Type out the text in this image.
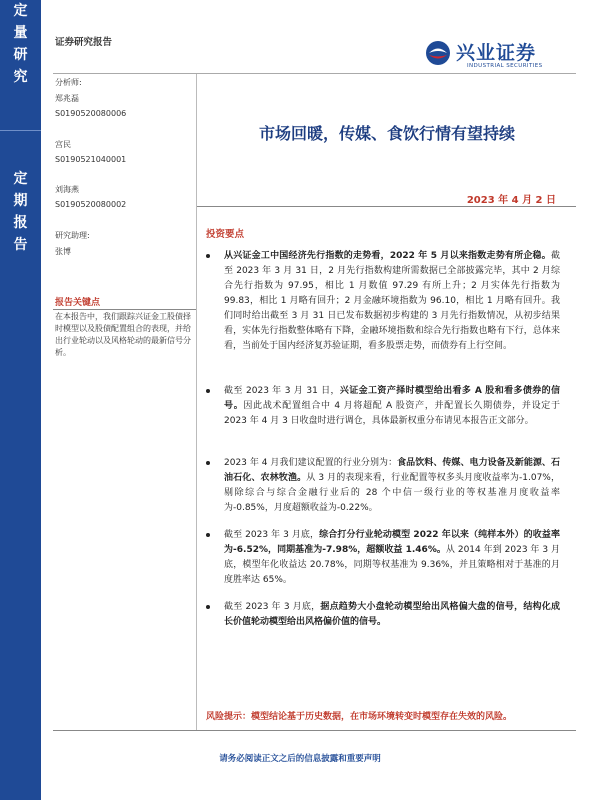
定
量
研
究
定
期
报
告
证券研究报告	兴业证券
INDUSTRIAL SECURITIES
分析师:
郑兆磊
S0190520080006
宫民
S0190521040001
刘海燕
S0190520080002
研究助理:
张博
报告关键点
在本报告中，我们跟踪兴证金工股债择时模型以及股债配置组合的表现，并给出行业轮动以及风格轮动的最新信号分析。
市场回暖，传媒、食饮行情有望持续
2023 年 4 月 2 日
投资要点
从兴证金工中国经济先行指数的走势看，2022 年 5 月以来指数走势有所企稳。截至 2023 年 3 月 31 日，2 月先行指数构建所需数据已全部披露完毕，其中 2 月综合先行指数为 97.95，相比 1 月数值 97.29 有所上升；2 月实体先行指数为 99.83，相比 1 月略有回升；2 月金融环境指数为 96.10，相比 1 月略有回升。我们同时给出截至 3 月 31 日已发布数据初步构建的 3 月先行指数情况，从初步结果看，实体先行指数整体略有下降，金融环境指数和综合先行指数也略有下行，总体来看，当前处于国内经济复苏验证期，看多股票走势，而债券有上行空间。
截至 2023 年 3 月 31 日，兴证金工资产择时模型给出看多 A 股和看多债券的信号。因此战术配置组合中 4 月将超配 A 股资产，并配置长久期债券，并设定于 2023 年 4 月 3 日收盘时进行调仓，具体最新权重分布请见本报告正文部分。
2023 年 4 月我们建议配置的行业分别为：食品饮料、传媒、电力设备及新能源、石油石化、农林牧渔。从 3 月的表现来看，行业配置等权多头月度收益率为-1.07%，剔除综合与综合金融行业后的 28 个中信一级行业的等权基准月度收益率为-0.85%，月度超额收益为-0.22%。
截至 2023 年 3 月底，综合打分行业轮动模型 2022 年以来（纯样本外）的收益率为-6.52%，同期基准为-7.98%，超额收益 1.46%。从 2014 年到 2023 年 3 月底，模型年化收益达 20.78%，同期等权基准为 9.36%，并且策略相对于基准的月度胜率达 65%。
截至 2023 年 3 月底，据点趋势大小盘轮动模型给出风格偏大盘的信号，结构化成长价值轮动模型给出风格偏价值的信号。
风险提示：模型结论基于历史数据，在市场环境转变时模型存在失效的风险。
请务必阅读正文之后的信息披露和重要声明
